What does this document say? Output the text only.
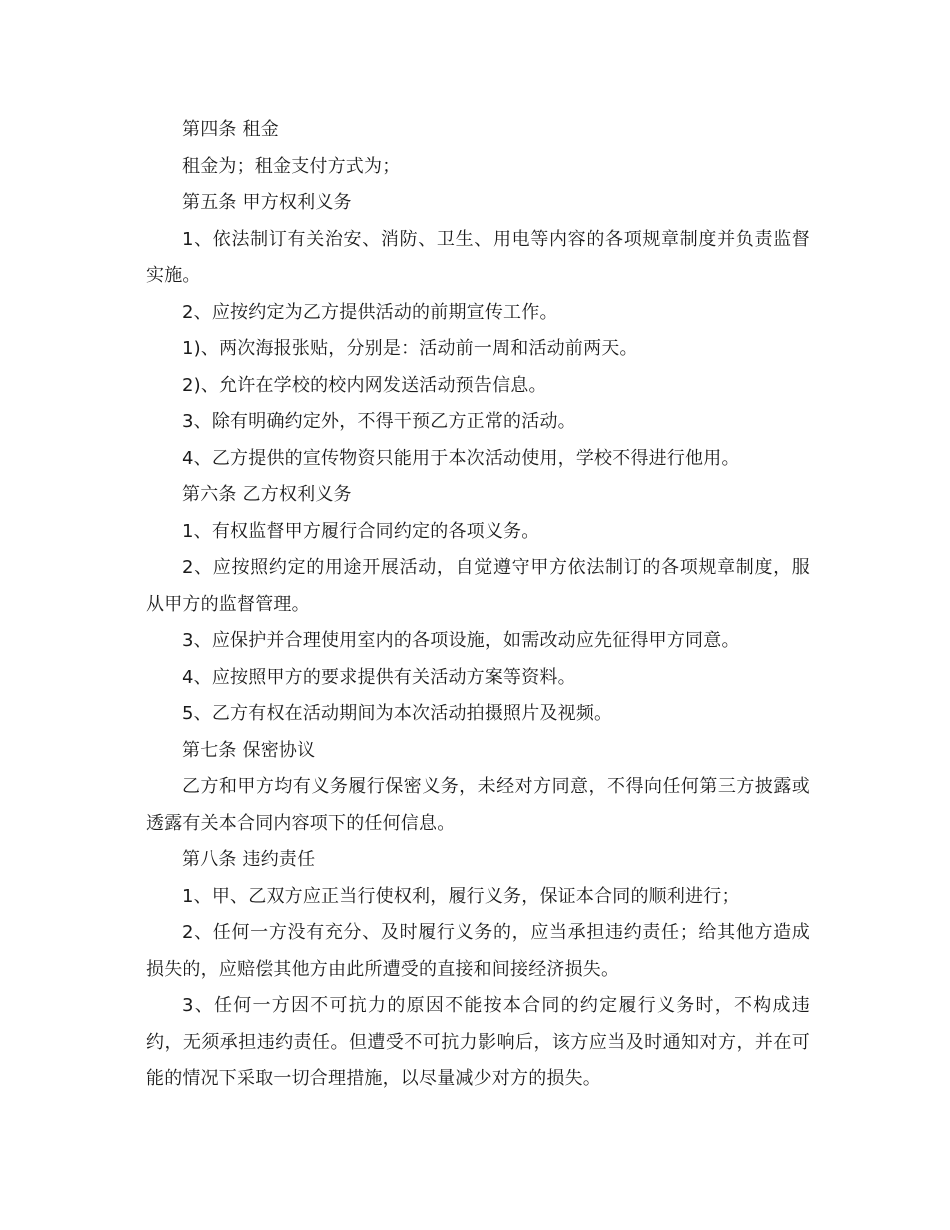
第四条 租金

租金为；租金支付方式为；

第五条 甲方权利义务

1、依法制订有关治安、消防、卫生、用电等内容的各项规章制度并负责监督实施。

2、应按约定为乙方提供活动的前期宣传工作。

1)、两次海报张贴，分别是：活动前一周和活动前两天。

2)、允许在学校的校内网发送活动预告信息。

3、除有明确约定外，不得干预乙方正常的活动。

4、乙方提供的宣传物资只能用于本次活动使用，学校不得进行他用。

第六条 乙方权利义务

1、有权监督甲方履行合同约定的各项义务。

2、应按照约定的用途开展活动，自觉遵守甲方依法制订的各项规章制度，服从甲方的监督管理。

3、应保护并合理使用室内的各项设施，如需改动应先征得甲方同意。

4、应按照甲方的要求提供有关活动方案等资料。

5、乙方有权在活动期间为本次活动拍摄照片及视频。

第七条 保密协议

乙方和甲方均有义务履行保密义务，未经对方同意，不得向任何第三方披露或透露有关本合同内容项下的任何信息。

第八条 违约责任

1、甲、乙双方应正当行使权利，履行义务，保证本合同的顺利进行；

2、任何一方没有充分、及时履行义务的，应当承担违约责任；给其他方造成损失的，应赔偿其他方由此所遭受的直接和间接经济损失。

3、任何一方因不可抗力的原因不能按本合同的约定履行义务时，不构成违约，无须承担违约责任。但遭受不可抗力影响后，该方应当及时通知对方，并在可能的情况下采取一切合理措施，以尽量减少对方的损失。
